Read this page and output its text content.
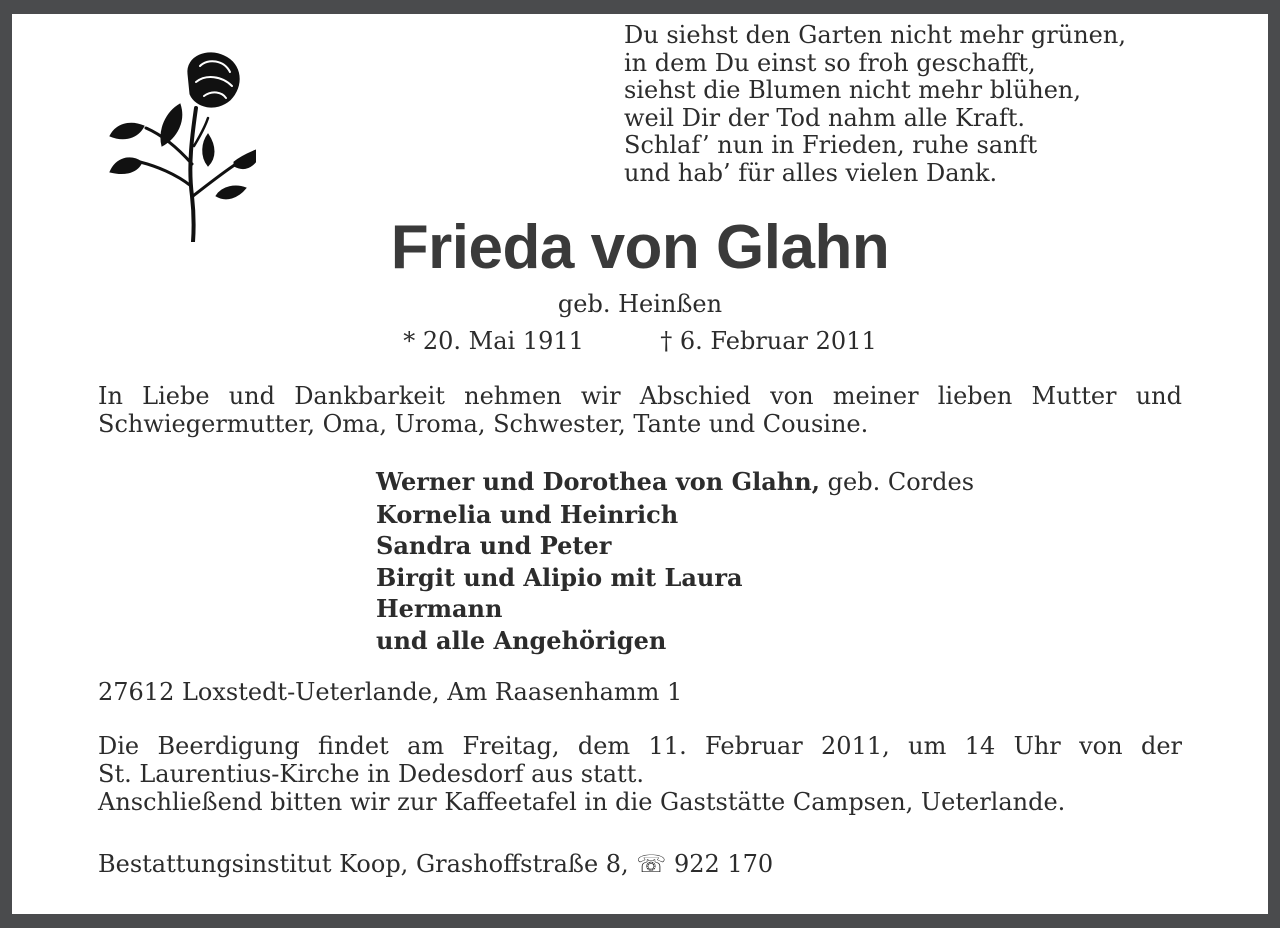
Du siehst den Garten nicht mehr grünen,
in dem Du einst so froh geschafft,
siehst die Blumen nicht mehr blühen,
weil Dir der Tod nahm alle Kraft.
Schlaf’ nun in Frieden, ruhe sanft
und hab’ für alles vielen Dank.
Frieda von Glahn
geb. Heinßen
* 20. Mai 1911	† 6. Februar 2011
In Liebe und Dankbarkeit nehmen wir Abschied von meiner lieben Mutter und Schwiegermutter, Oma, Uroma, Schwester, Tante und Cousine.
Werner und Dorothea von Glahn, geb. Cordes
Kornelia und Heinrich
Sandra und Peter
Birgit und Alipio mit Laura
Hermann
und alle Angehörigen
27612 Loxstedt-Ueterlande, Am Raasenhamm 1
Die Beerdigung findet am Freitag, dem 11. Februar 2011, um 14 Uhr von der
St. Laurentius-Kirche in Dedesdorf aus statt.
Anschließend bitten wir zur Kaffeetafel in die Gaststätte Campsen, Ueterlande.
Bestattungsinstitut Koop, Grashoffstraße 8, ☏ 922 170
